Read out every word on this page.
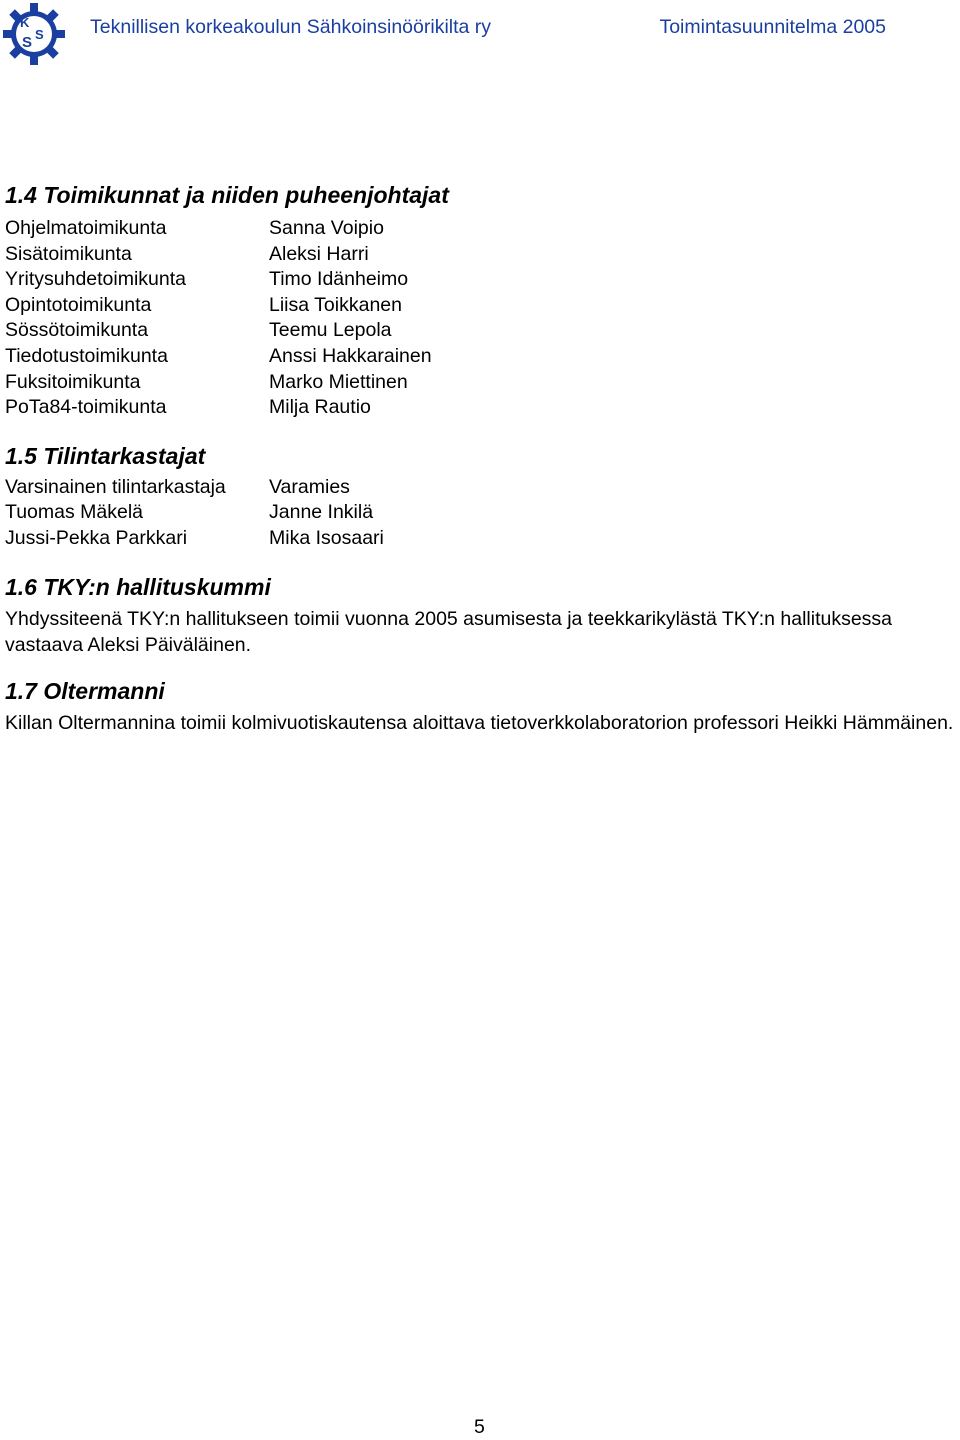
K
S S Teknillisen korkeakoulun Sähkoinsinöörikilta ry	Toimintasuunnitelma 2005
1.4 Toimikunnat ja niiden puheenjohtajat
Ohjelmatoimikunta	Sanna Voipio
Sisätoimikunta	Aleksi Harri
Yritysuhdetoimikunta	Timo Idänheimo
Opintotoimikunta	Liisa Toikkanen
Sössötoimikunta	Teemu Lepola
Tiedotustoimikunta	Anssi Hakkarainen
Fuksitoimikunta	Marko Miettinen
PoTa84-toimikunta	Milja Rautio
1.5 Tilintarkastajat
Varsinainen tilintarkastaja	Varamies
Tuomas Mäkelä	Janne Inkilä
Jussi-Pekka Parkkari	Mika Isosaari
1.6 TKY:n hallituskummi

Yhdyssiteenä TKY:n hallitukseen toimii vuonna 2005 asumisesta ja teekkarikylästä TKY:n hallituksessa vastaava Aleksi Päiväläinen.

1.7 Oltermanni

Killan Oltermannina toimii kolmivuotiskautensa aloittava tietoverkkolaboratorion professori Heikki Hämmäinen.

5
